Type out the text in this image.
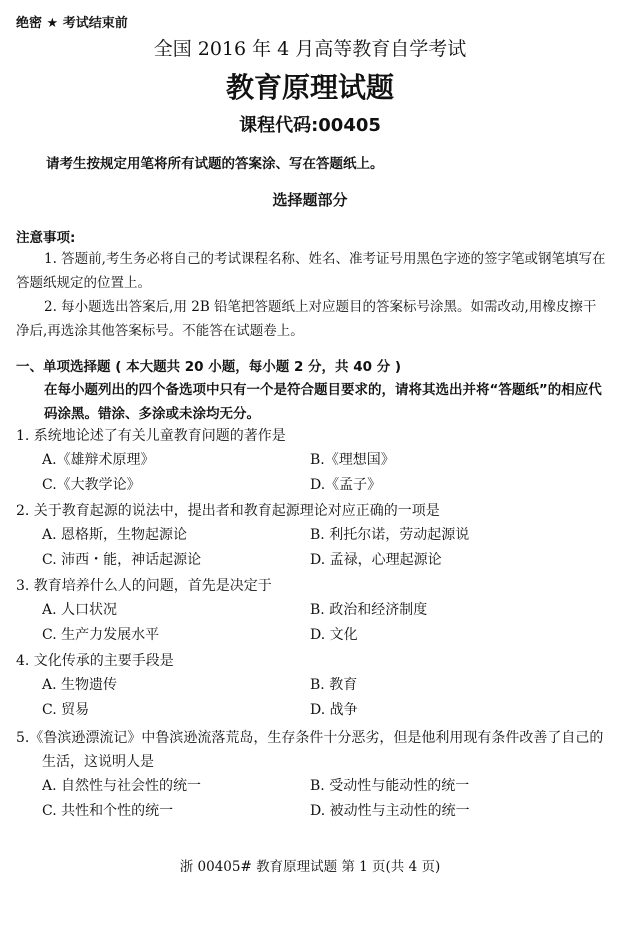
绝密 ★ 考试结束前
全国 2016 年 4 月高等教育自学考试
教育原理试题
课程代码:00405
请考生按规定用笔将所有试题的答案涂、写在答题纸上。
选择题部分
注意事项:
1. 答题前,考生务必将自己的考试课程名称、姓名、准考证号用黑色字迹的签字笔或钢笔填写在答题纸规定的位置上。
2. 每小题选出答案后,用 2B 铅笔把答题纸上对应题目的答案标号涂黑。如需改动,用橡皮擦干净后,再选涂其他答案标号。不能答在试题卷上。
一、单项选择题 ( 本大题共 20 小题，每小题 2 分，共 40 分 )
在每小题列出的四个备选项中只有一个是符合题目要求的，请将其选出并将“答题纸”的相应代码涂黑。错涂、多涂或未涂均无分。
1. 系统地论述了有关儿童教育问题的著作是
A.《雄辩术原理》	B.《理想国》
C.《大教学论》	D.《孟子》
2. 关于教育起源的说法中，提出者和教育起源理论对应正确的一项是
A. 恩格斯，生物起源论	B. 利托尔诺，劳动起源说
C. 沛西・能，神话起源论	D. 孟禄，心理起源论
3. 教育培养什么人的问题，首先是决定于
A. 人口状况	B. 政治和经济制度
C. 生产力发展水平	D. 文化
4. 文化传承的主要手段是
A. 生物遗传	B. 教育
C. 贸易	D. 战争
5.《鲁滨逊漂流记》中鲁滨逊流落荒岛，生存条件十分恶劣，但是他利用现有条件改善了自己的生活，这说明人是
A. 自然性与社会性的统一	B. 受动性与能动性的统一
C. 共性和个性的统一	D. 被动性与主动性的统一
浙 00405# 教育原理试题 第 1 页(共 4 页)
